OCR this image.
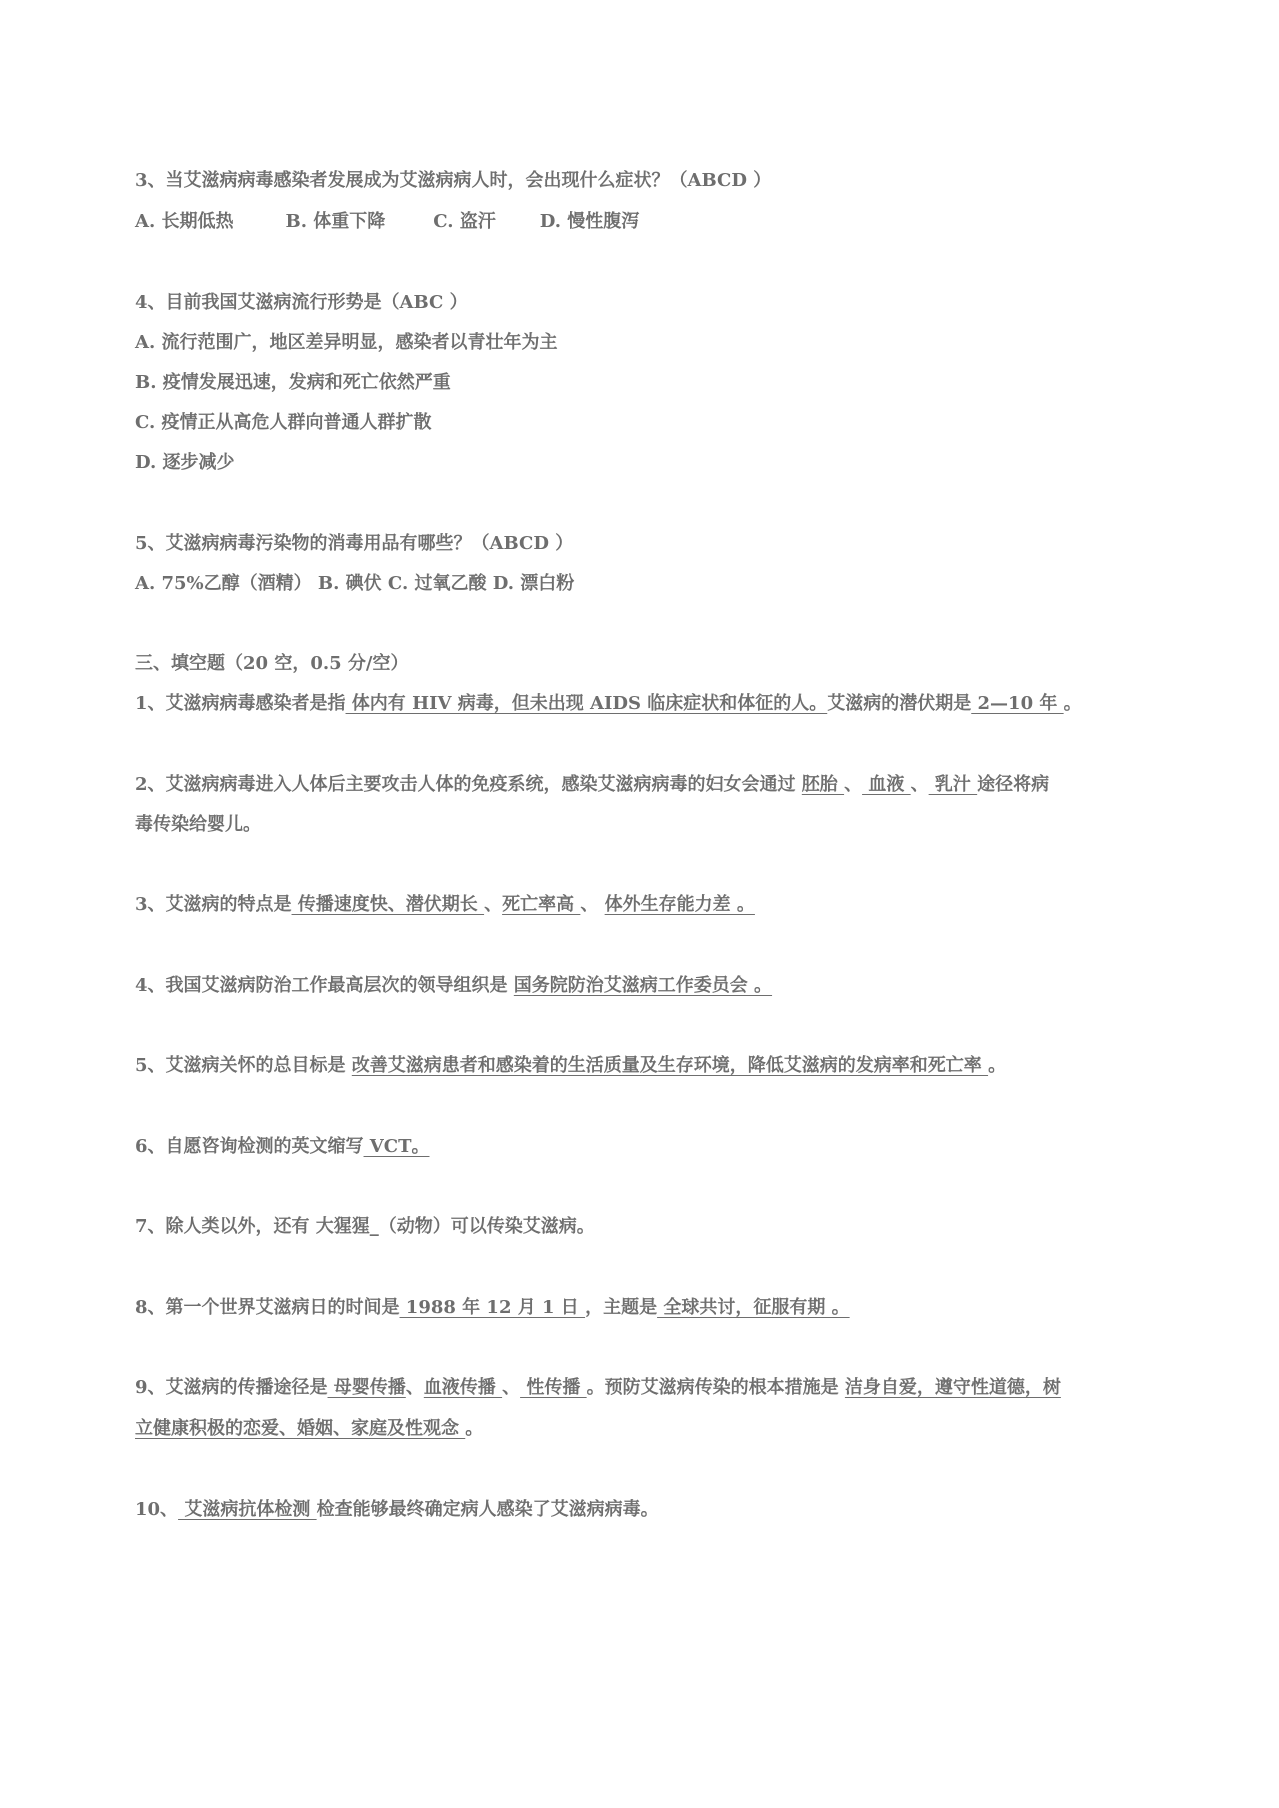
3、当艾滋病病毒感染者发展成为艾滋病病人时，会出现什么症状？（ABCD ）
A. 长期低热	B. 体重下降	C. 盗汗 D. 慢性腹泻
4、目前我国艾滋病流行形势是（ABC ）
A. 流行范围广，地区差异明显，感染者以青壮年为主
B. 疫情发展迅速，发病和死亡依然严重
C. 疫情正从高危人群向普通人群扩散
D. 逐步减少
5、艾滋病病毒污染物的消毒用品有哪些？（ABCD ）
A. 75%乙醇（酒精） B. 碘伏 C. 过氧乙酸 D. 漂白粉
三、填空题（20 空，0.5 分/空）
1、艾滋病病毒感染者是指 体内有 HIV 病毒，但未出现 AIDS 临床症状和体征的人。艾滋病的潜伏期是 2—10 年 。
2、艾滋病病毒进入人体后主要攻击人体的免疫系统，感染艾滋病病毒的妇女会通过 胚胎 、 血液 、 乳汁 途径将病
毒传染给婴儿。
3、艾滋病的特点是 传播速度快、潜伏期长 、死亡率高 、 体外生存能力差 。
4、我国艾滋病防治工作最高层次的领导组织是 国务院防治艾滋病工作委员会 。
5、艾滋病关怀的总目标是 改善艾滋病患者和感染着的生活质量及生存环境，降低艾滋病的发病率和死亡率 。
6、自愿咨询检测的英文缩写 VCT。
7、除人类以外，还有 大猩猩_（动物）可以传染艾滋病。
8、第一个世界艾滋病日的时间是 1988 年 12 月 1 日 ，主题是 全球共讨，征服有期 。
9、艾滋病的传播途径是 母婴传播、血液传播 、 性传播 。预防艾滋病传染的根本措施是 洁身自爱，遵守性道德，树
立健康积极的恋爱、婚姻、家庭及性观念 。
10、 艾滋病抗体检测 检查能够最终确定病人感染了艾滋病病毒。
